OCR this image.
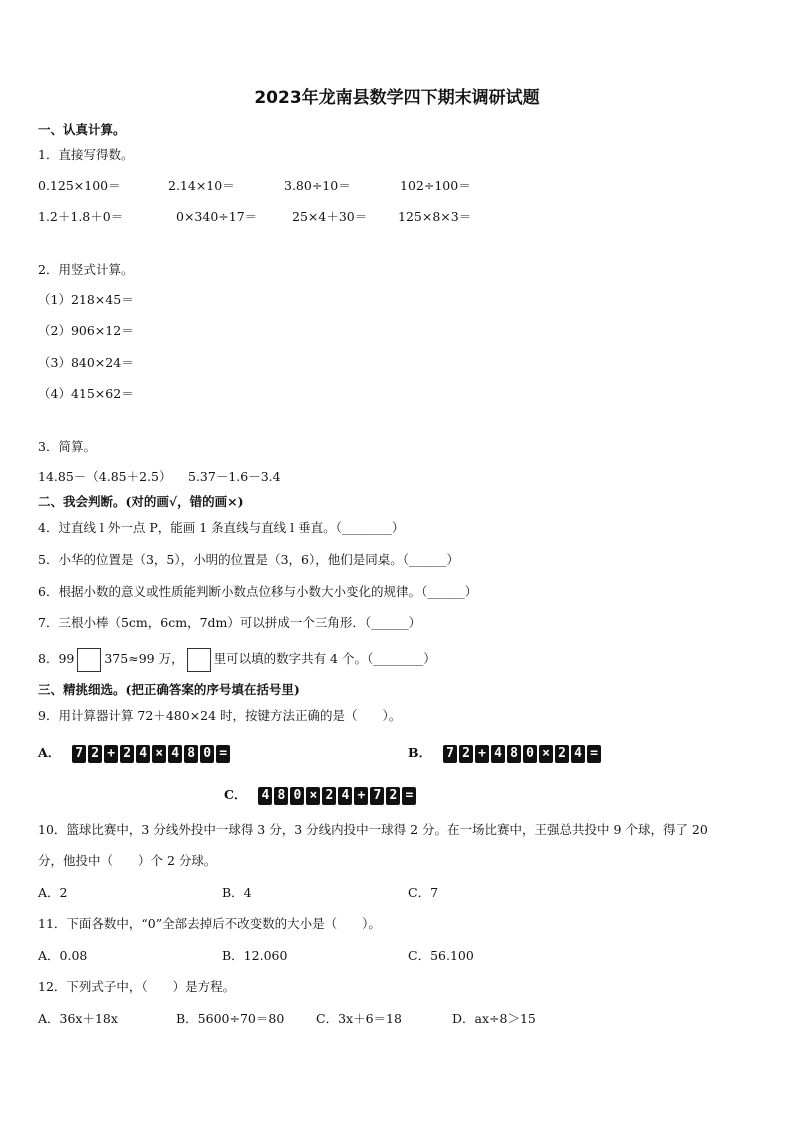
2023年龙南县数学四下期末调研试题
一、认真计算。
1．直接写得数。
0.125×100＝	2.14×10＝	3.80÷10＝	102÷100＝
1.2＋1.8＋0＝	0×340÷17＝	25×4＋30＝ 125×8×3＝
2．用竖式计算。
（1）218×45＝
（2）906×12＝
（3）840×24＝
（4）415×62＝
3．简算。
14.85－（4.85＋2.5） 5.37－1.6－3.4
二、我会判断。(对的画√，错的画×)
4．过直线 l 外一点 P，能画 1 条直线与直线 l 垂直。（________）
5．小华的位置是（3，5），小明的位置是（3，6），他们是同桌。（______）
6．根据小数的意义或性质能判断小数点位移与小数大小变化的规律。（______）
7．三根小棒（5cm，6cm，7dm）可以拼成一个三角形．（______）
8．99 375≈99 万， 里可以填的数字共有 4 个。（________）
三、精挑细选。(把正确答案的序号填在括号里)
9．用计算器计算 72＋480×24 时，按键方法正确的是（　　）。
A． 7 2 + 2 4 × 4 8 0 =	B． 7 2 + 4 8 0 × 2 4 =
C． 4 8 0 × 2 4 + 7 2 =
10．篮球比赛中，3 分线外投中一球得 3 分，3 分线内投中一球得 2 分。在一场比赛中，王强总共投中 9 个球，得了 20
分，他投中（　　）个 2 分球。
A．2	B．4	C．7
11．下面各数中，“0”全部去掉后不改变数的大小是（　　）。
A．0.08	B．12.060	C．56.100
12．下列式子中，（　　）是方程。
A．36x＋18x	B．5600÷70＝80	C．3x＋6＝18	D．ax÷8＞15
